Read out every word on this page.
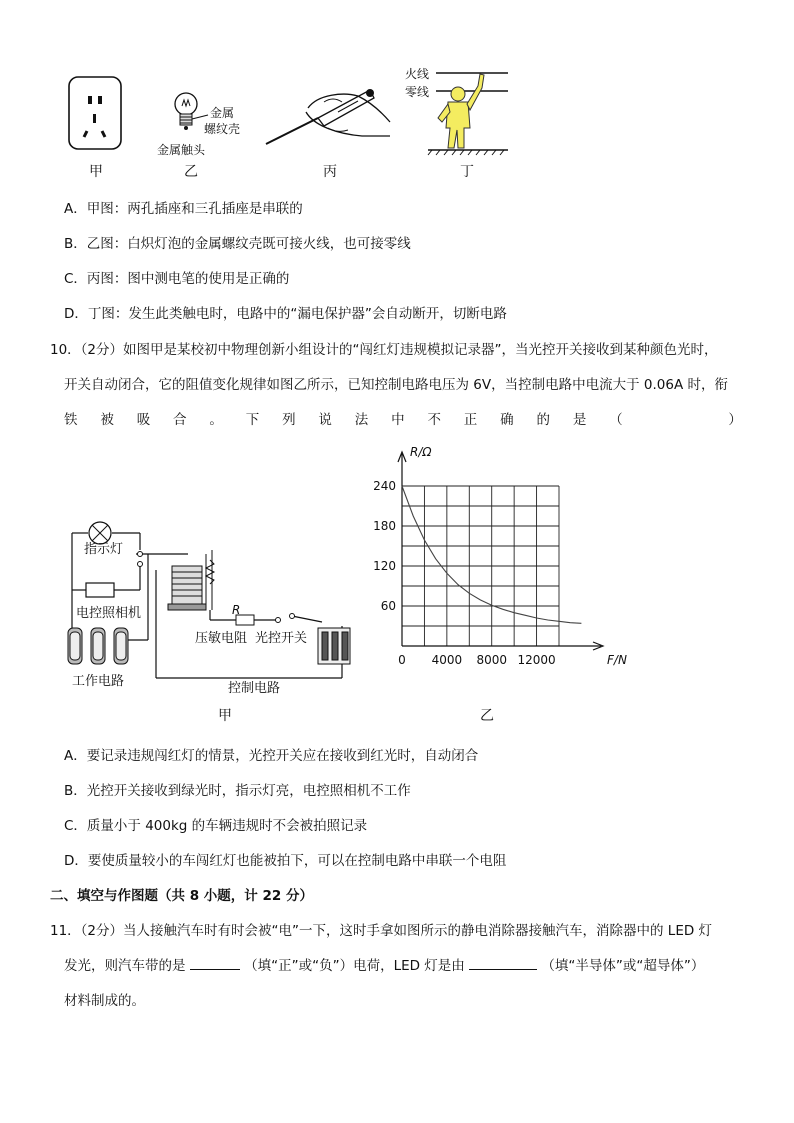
甲
金属
螺纹壳
金属触头
乙	丙
火线
零线
丁
A．甲图：两孔插座和三孔插座是串联的
B．乙图：白炽灯泡的金属螺纹壳既可接火线，也可接零线
C．丙图：图中测电笔的使用是正确的
D．丁图：发生此类触电时，电路中的“漏电保护器”会自动断开，切断电路
10．（2分）如图甲是某校初中物理创新小组设计的“闯红灯违规模拟记录器”，当光控开关接收到某种颜色光时，
开关自动闭合，它的阻值变化规律如图乙所示，已知控制电路电压为 6V，当控制电路中电流大于 0.06A 时，衔
铁 被 吸 合 。 下 列 说 法 中 不 正 确 的 是 （	）
指示灯
电控照相机
工作电路
R
压敏电阻 光控开关
控制电路
甲
60
120
180
240
0 4000 8000 12000
R/Ω
F/N
乙
A．要记录违规闯红灯的情景，光控开关应在接收到红光时，自动闭合
B．光控开关接收到绿光时，指示灯亮，电控照相机不工作
C．质量小于 400kg 的车辆违规时不会被拍照记录
D．要使质量较小的车闯红灯也能被拍下，可以在控制电路中串联一个电阻
二、填空与作图题（共 8 小题，计 22 分）
11．（2分）当人接触汽车时有时会被“电”一下，这时手拿如图所示的静电消除器接触汽车，消除器中的 LED 灯
发光，则汽车带的是	（填“正”或“负”）电荷，LED 灯是由	（填“半导体”或“超导体”）
材料制成的。
